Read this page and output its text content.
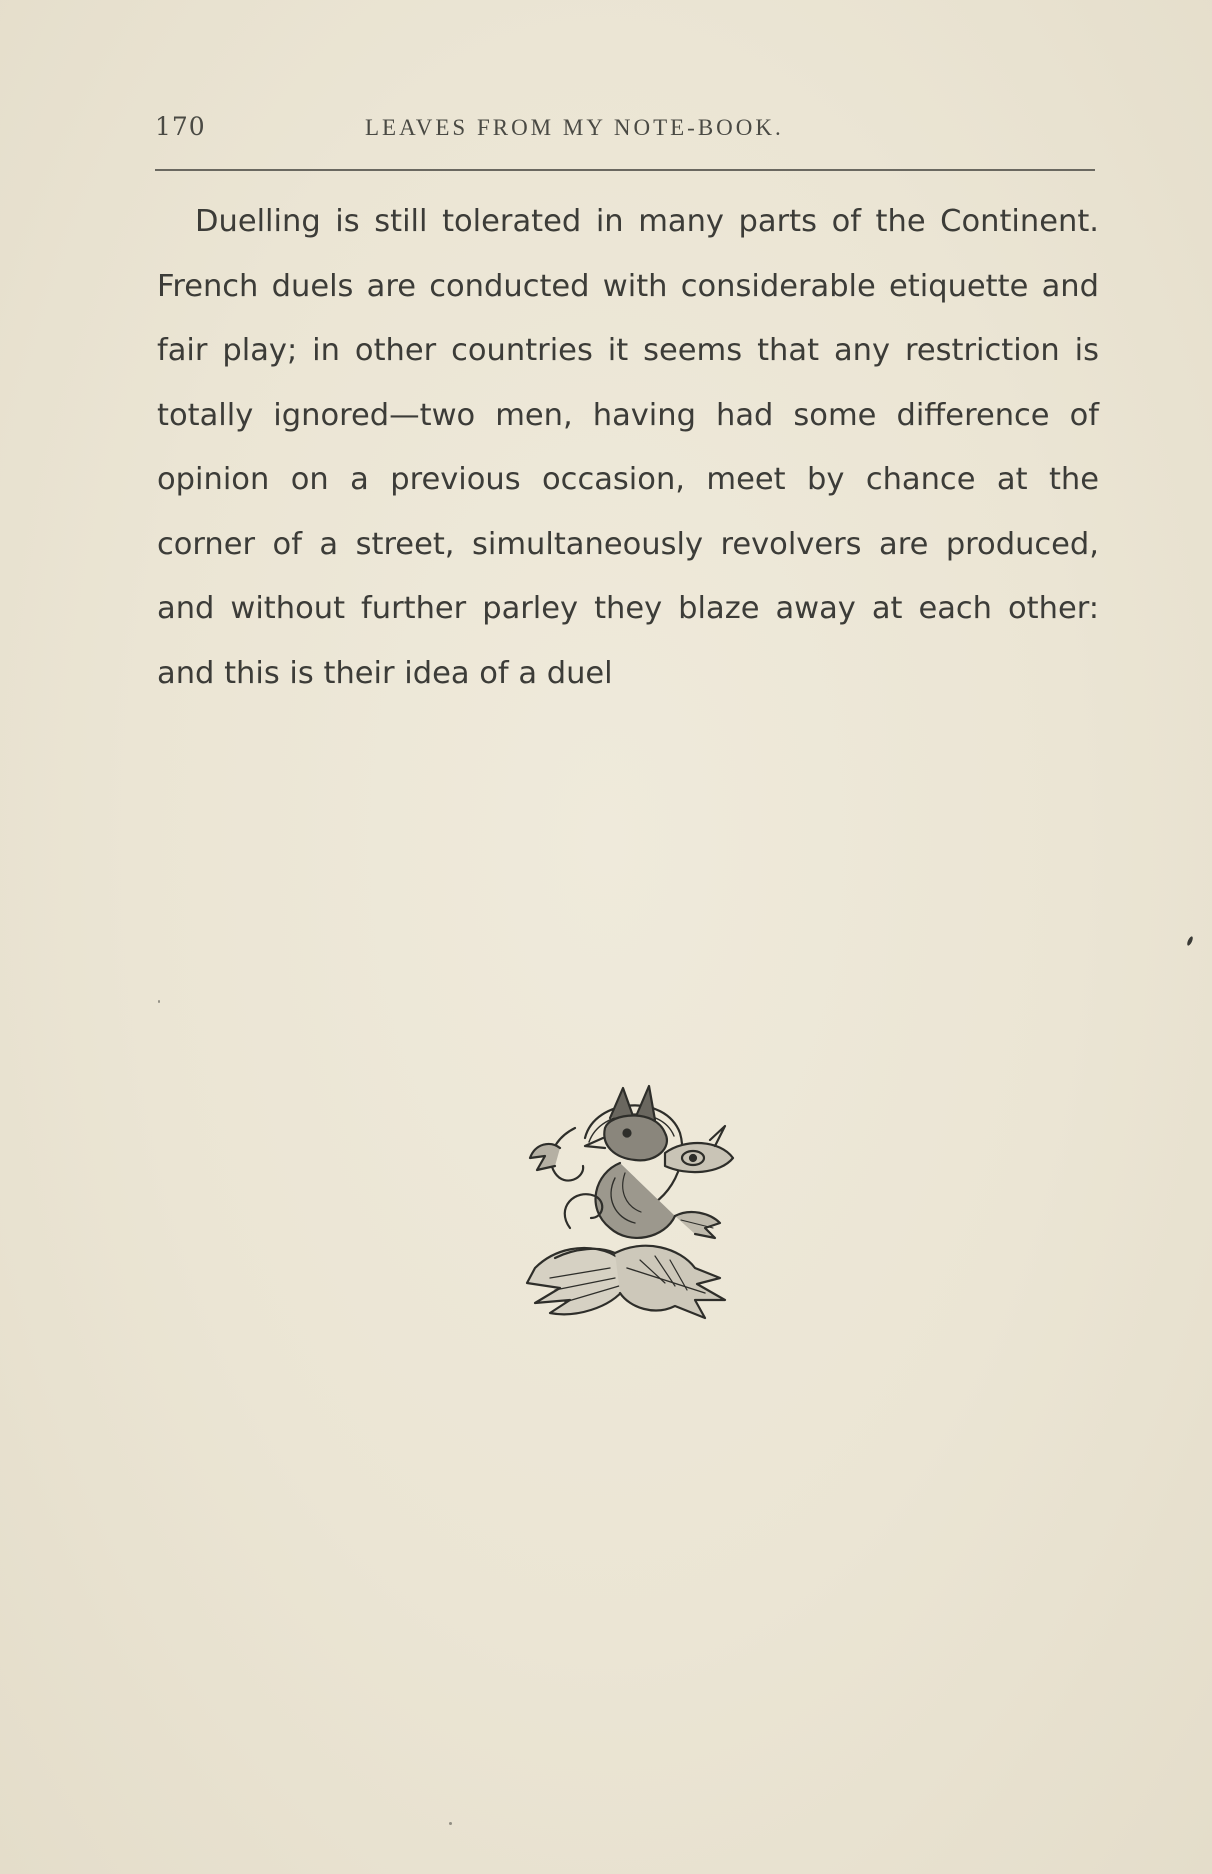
170	LEAVES FROM MY NOTE-BOOK.

Duelling is still tolerated in many parts of the Continent. French duels are conducted with considerable etiquette and fair play; in other countries it seems that any restriction is totally ignored—two men, having had some difference of opinion on a previous occasion, meet by chance at the corner of a street, simultaneously revolvers are produced, and without further parley they blaze away at each other: and this is their idea of a duel
